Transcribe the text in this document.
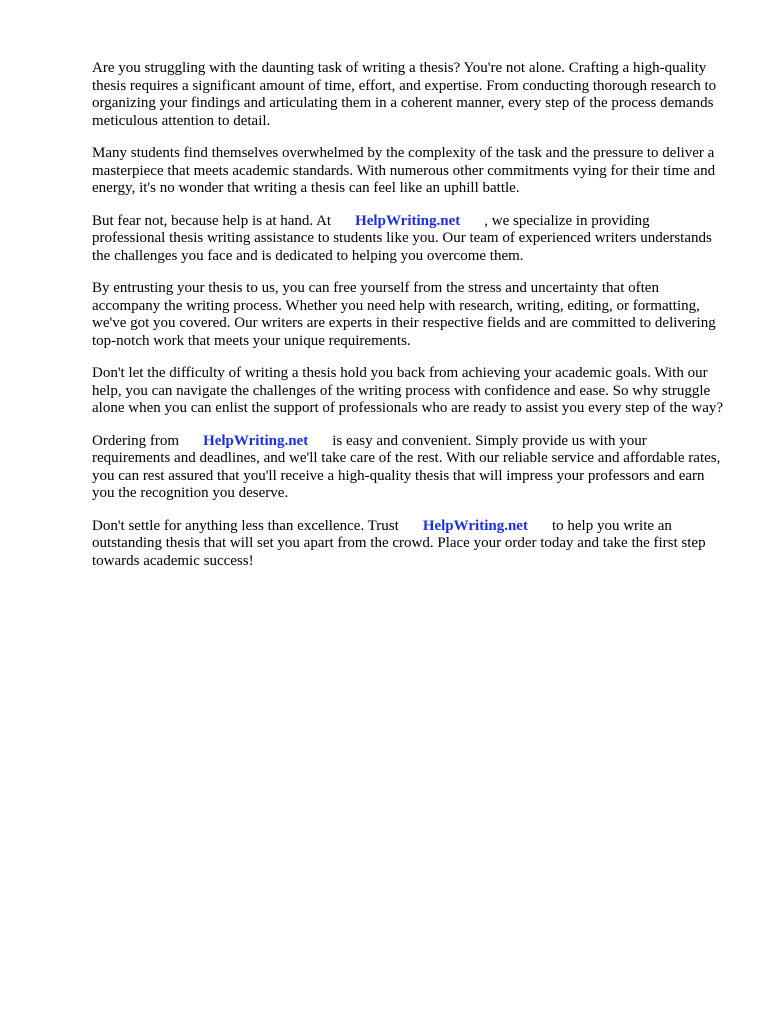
Are you struggling with the daunting task of writing a thesis? You're not alone. Crafting a high-quality thesis requires a significant amount of time, effort, and expertise. From conducting thorough research to organizing your findings and articulating them in a coherent manner, every step of the process demands meticulous attention to detail.

Many students find themselves overwhelmed by the complexity of the task and the pressure to deliver a masterpiece that meets academic standards. With numerous other commitments vying for their time and energy, it's no wonder that writing a thesis can feel like an uphill battle.

But fear not, because help is at hand. At HelpWriting.net , we specialize in providing professional thesis writing assistance to students like you. Our team of experienced writers understands the challenges you face and is dedicated to helping you overcome them.

By entrusting your thesis to us, you can free yourself from the stress and uncertainty that often accompany the writing process. Whether you need help with research, writing, editing, or formatting, we've got you covered. Our writers are experts in their respective fields and are committed to delivering top-notch work that meets your unique requirements.

Don't let the difficulty of writing a thesis hold you back from achieving your academic goals. With our help, you can navigate the challenges of the writing process with confidence and ease. So why struggle alone when you can enlist the support of professionals who are ready to assist you every step of the way?

Ordering from HelpWriting.net is easy and convenient. Simply provide us with your requirements and deadlines, and we'll take care of the rest. With our reliable service and affordable rates, you can rest assured that you'll receive a high-quality thesis that will impress your professors and earn you the recognition you deserve.

Don't settle for anything less than excellence. Trust HelpWriting.net to help you write an outstanding thesis that will set you apart from the crowd. Place your order today and take the first step towards academic success!
